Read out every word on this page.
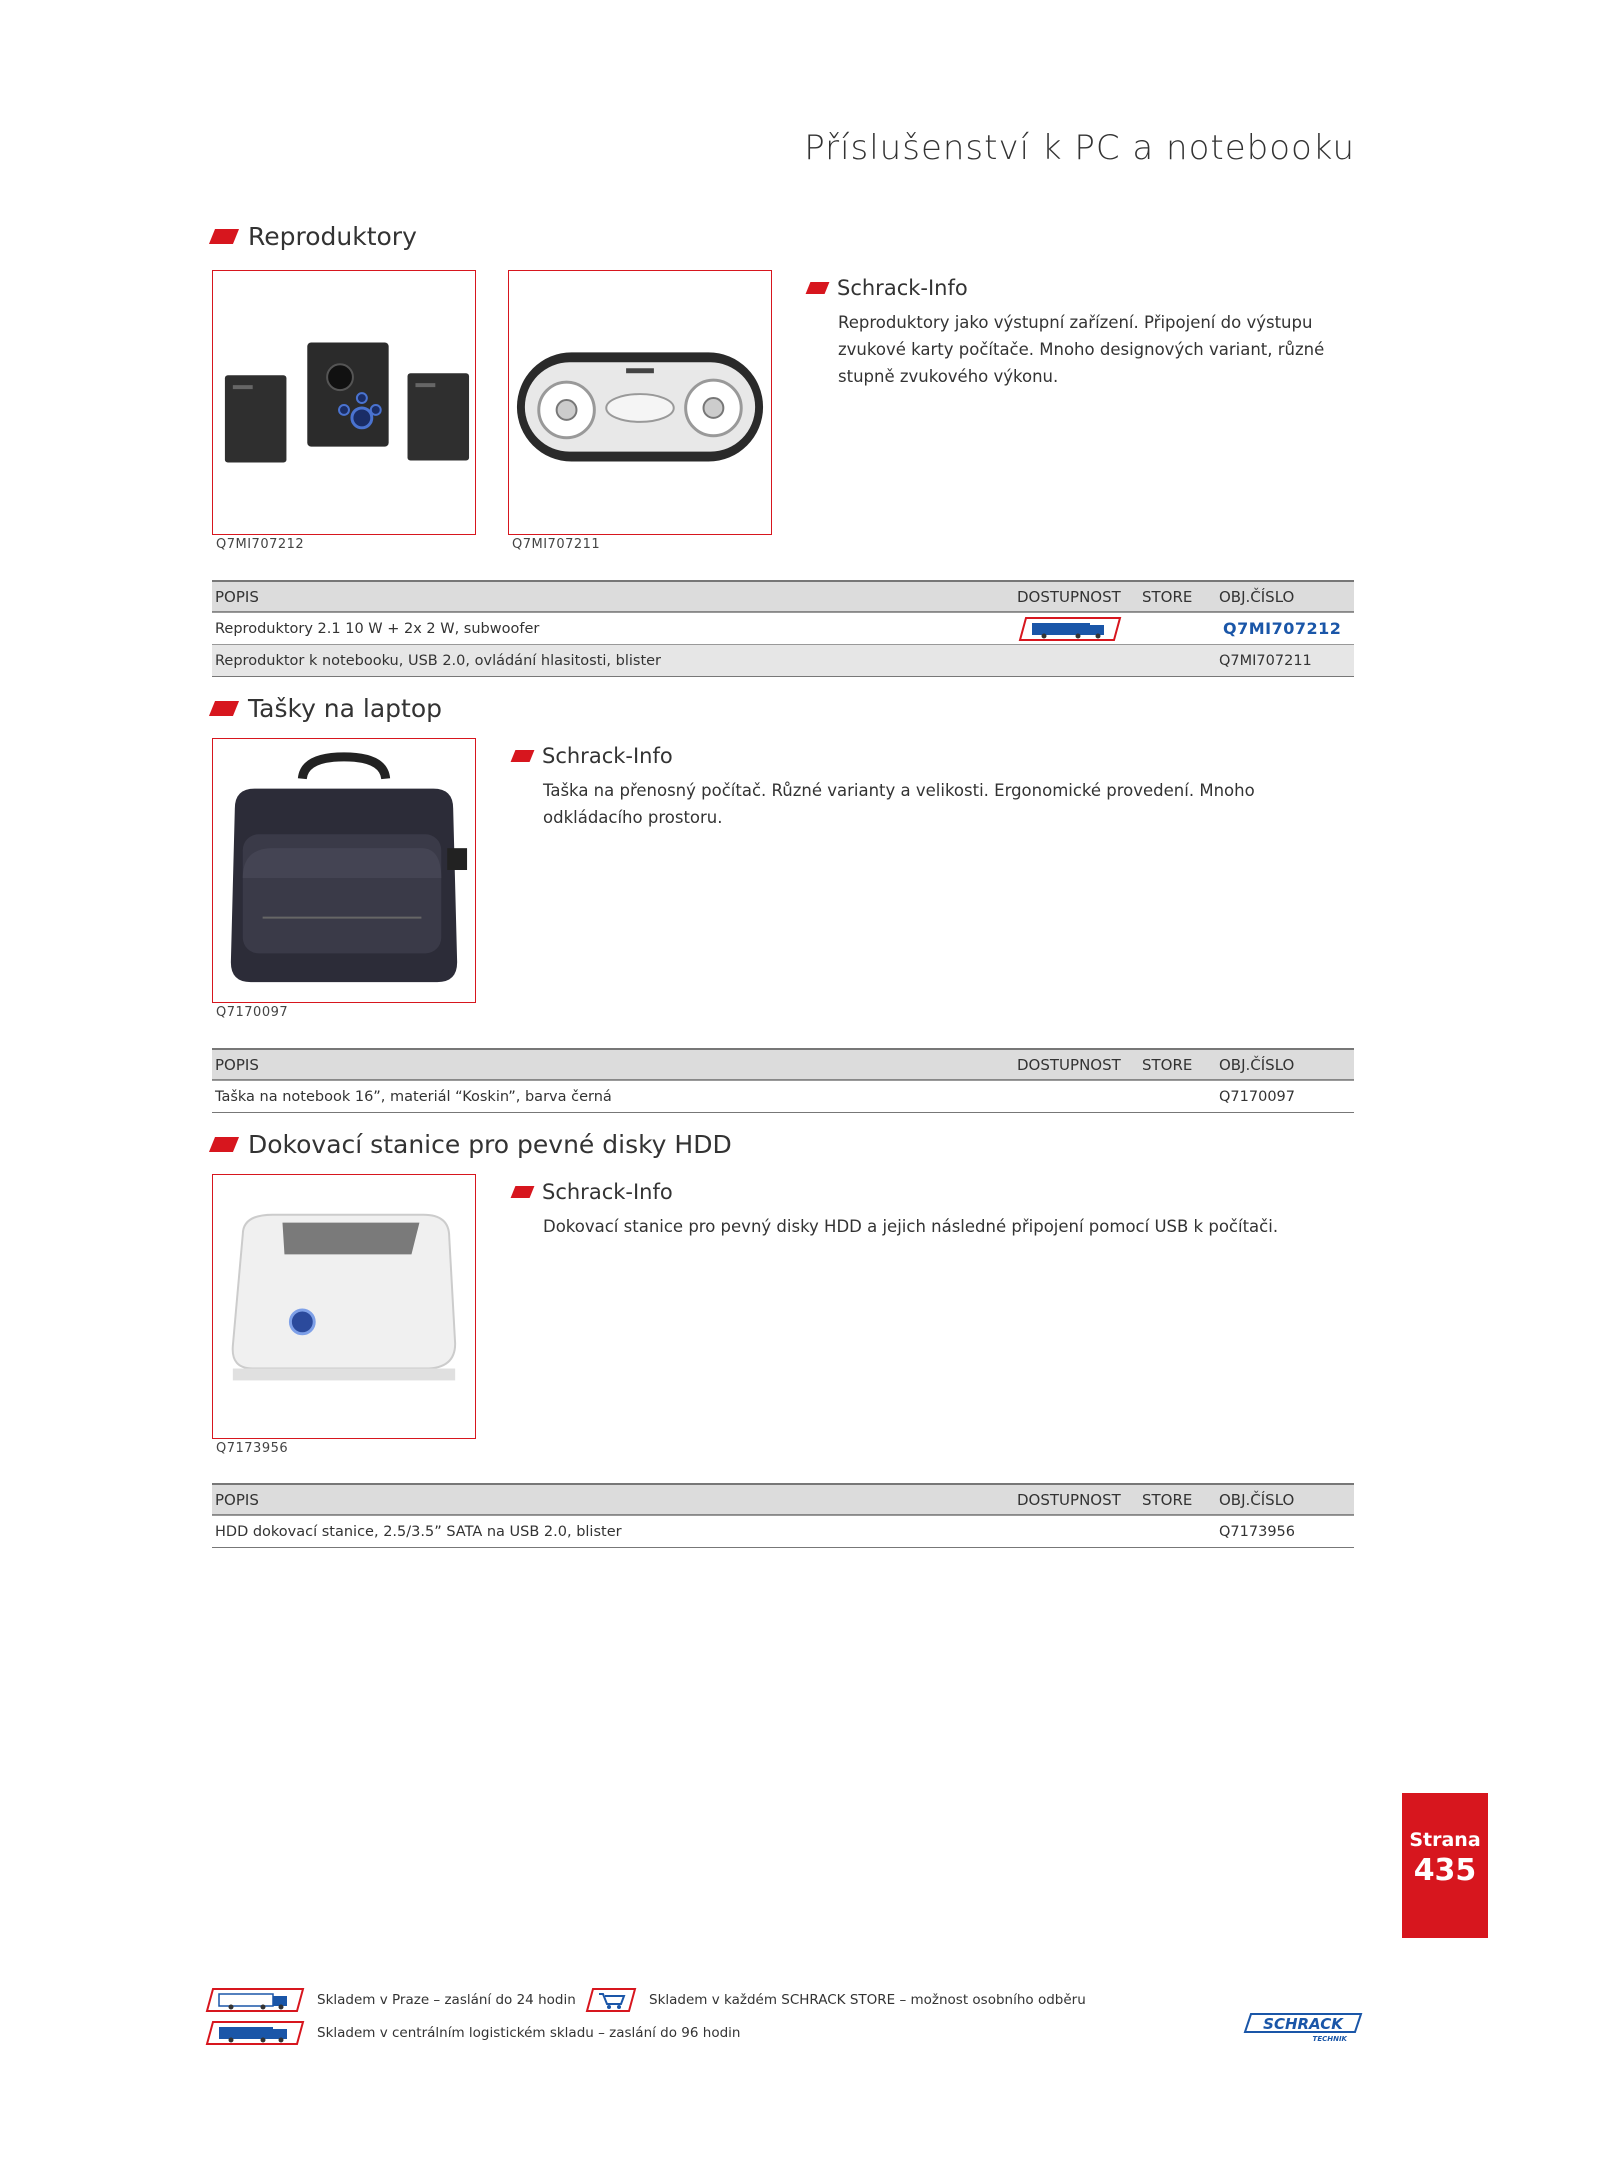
Příslušenství k PC a notebooku
Reproduktory
Q7MI707212	Q7MI707211
Schrack-Info
Reproduktory jako výstupní zařízení. Připojení do výstupu zvukové karty počítače. Mnoho designových variant, různé stupně zvukového výkonu.
POPIS	DOSTUPNOST STORE OBJ.ČÍSLO
Reproduktory 2.1 10 W + 2x 2 W, subwoofer	Q7MI707212
Reproduktor k notebooku, USB 2.0, ovládání hlasitosti, blister	Q7MI707211
Tašky na laptop
Q7170097
Schrack-Info
Taška na přenosný počítač. Různé varianty a velikosti. Ergonomické provedení. Mnoho odkládacího prostoru.
POPIS	DOSTUPNOST STORE OBJ.ČÍSLO
Taška na notebook 16”, materiál “Koskin”, barva černá	Q7170097
Dokovací stanice pro pevné disky HDD
Q7173956
Schrack-Info
Dokovací stanice pro pevný disky HDD a jejich následné připojení pomocí USB k počítači.
POPIS	DOSTUPNOST STORE OBJ.ČÍSLO
HDD dokovací stanice, 2.5/3.5” SATA na USB 2.0, blister	Q7173956
Strana
435
Skladem v Praze – zaslání do 24 hodin	Skladem v každém SCHRACK STORE – možnost osobního odběru
Skladem v centrálním logistickém skladu – zaslání do 96 hodin	SCHRACK
TECHNIK
